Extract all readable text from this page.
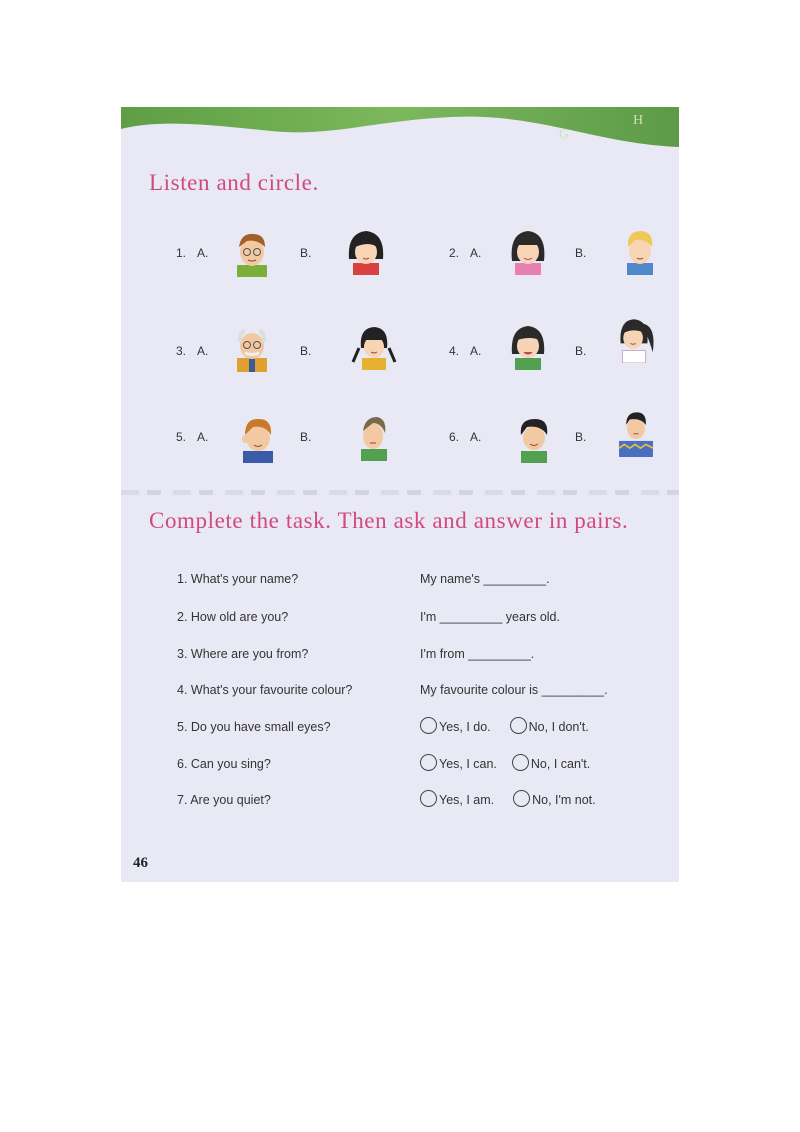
G
H
Listen and circle.
1. A.	B.	2. A.	B.
3. A.	B.	4. A.	B.
5. A.	B.	6. A.	B.
Complete the task. Then ask and answer in pairs.
1. What's your name?	My name's _________.
2. How old are you?	I'm _________ years old.
3. Where are you from?	I'm from _________.
4. What's your favourite colour?	My favourite colour is _________.
5. Do you have small eyes?	Yes, I do.	No, I don't.
6. Can you sing?	Yes, I can.	No, I can't.
7. Are you quiet?	Yes, I am.	No, I'm not.
46
